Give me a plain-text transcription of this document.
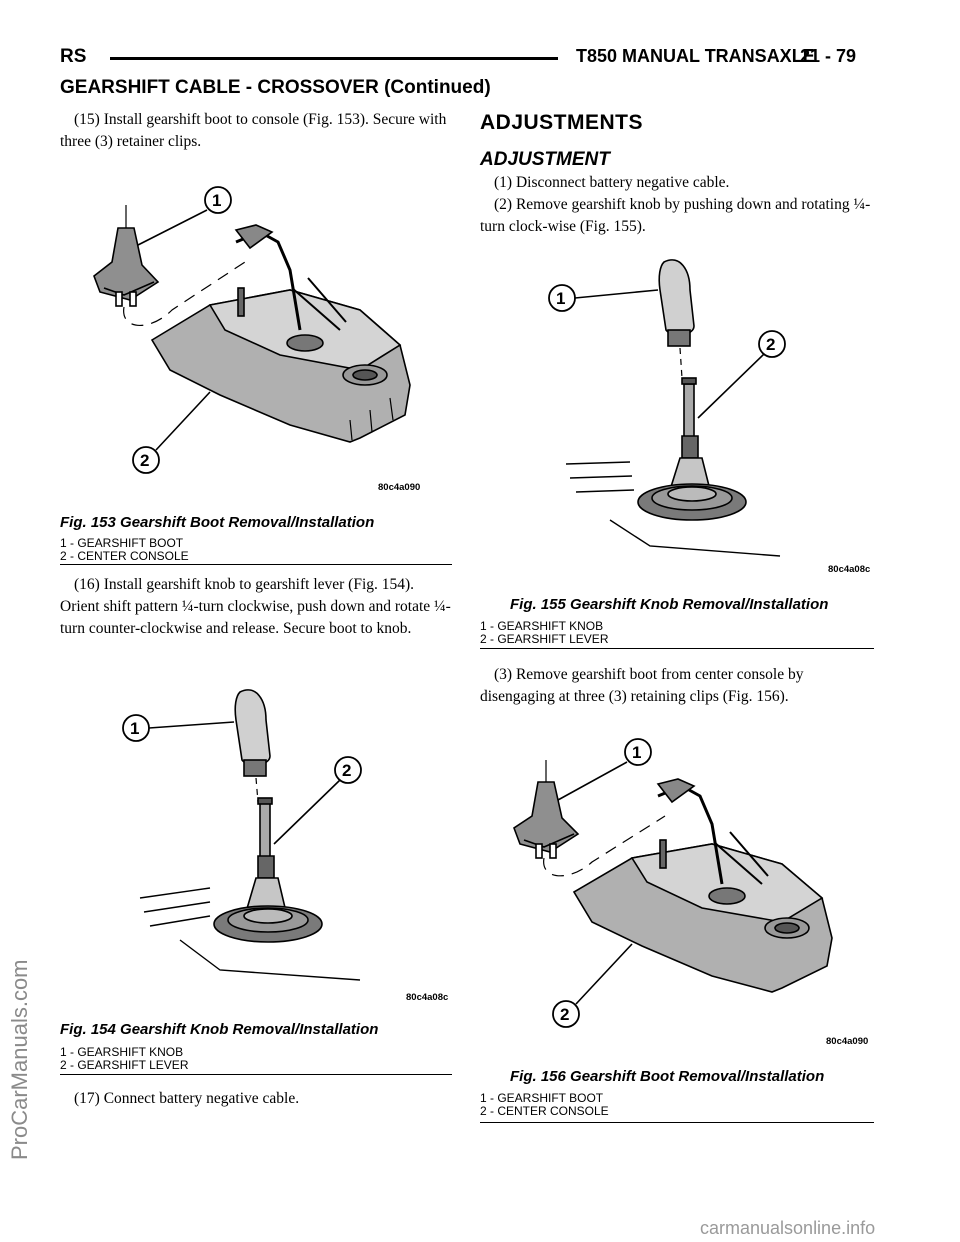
RS	T850 MANUAL TRANSAXLE
21 - 79
GEARSHIFT CABLE - CROSSOVER (Continued)

(15) Install gearshift boot to console (Fig. 153). Secure with three (3) retainer clips.

1
2
80c4a090
Fig. 153 Gearshift Boot Removal/Installation
1 - GEARSHIFT BOOT
2 - CENTER CONSOLE

(16) Install gearshift knob to gearshift lever (Fig. 154). Orient shift pattern ¼-turn clockwise, push down and rotate ¼-turn counter-clockwise and release. Secure boot to knob.

1
2
80c4a08c
Fig. 154 Gearshift Knob Removal/Installation
1 - GEARSHIFT KNOB
2 - GEARSHIFT LEVER

(17) Connect battery negative cable.

ADJUSTMENTS
ADJUSTMENT

(1) Disconnect battery negative cable.

(2) Remove gearshift knob by pushing down and rotating ¼-turn clock-wise (Fig. 155).

1
2
80c4a08c
Fig. 155 Gearshift Knob Removal/Installation
1 - GEARSHIFT KNOB
2 - GEARSHIFT LEVER

(3) Remove gearshift boot from center console by disengaging at three (3) retaining clips (Fig. 156).

1
2
80c4a090
Fig. 156 Gearshift Boot Removal/Installation
1 - GEARSHIFT BOOT
2 - CENTER CONSOLE
ProCarManuals.com
carmanualsonline.info
